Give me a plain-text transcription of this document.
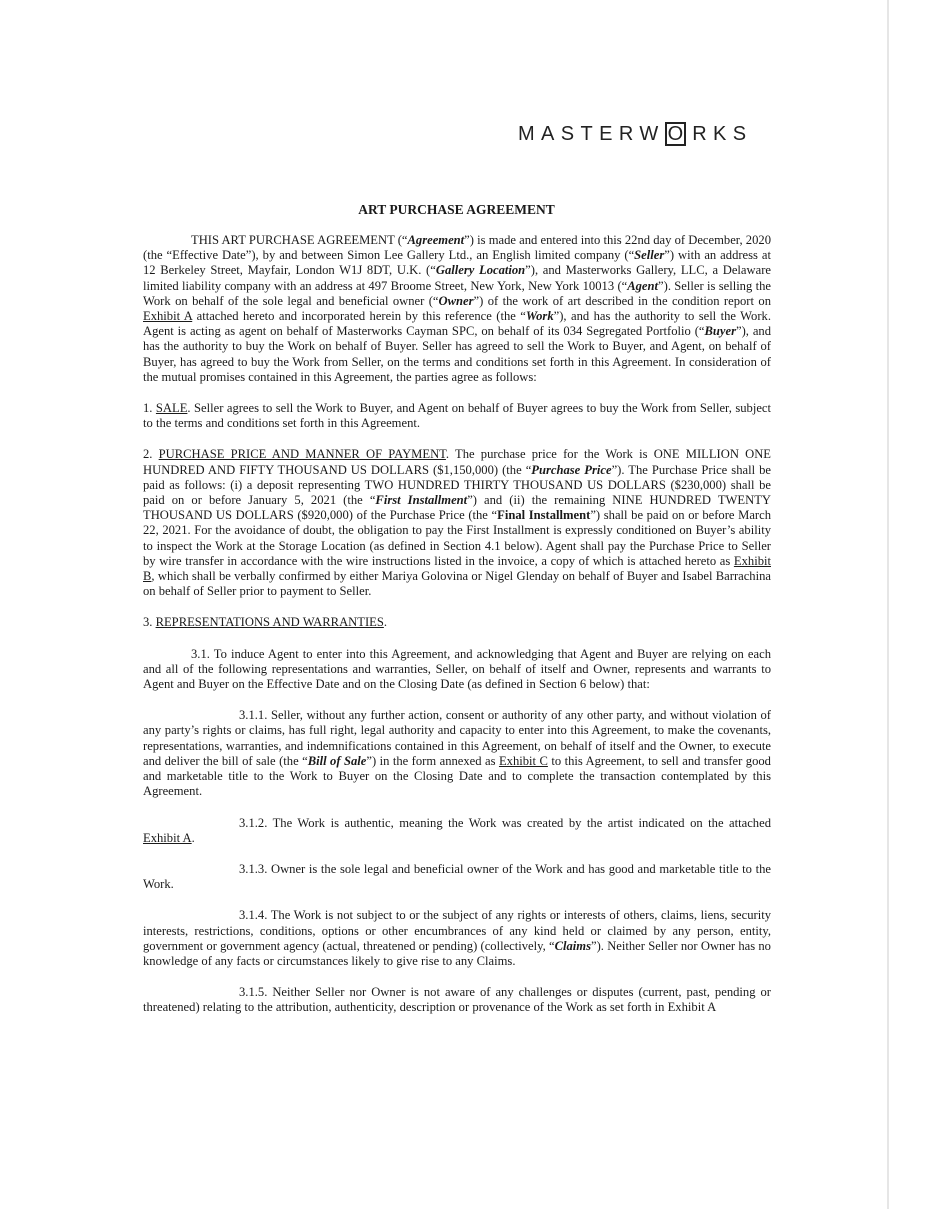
MASTERW O RKS
ART PURCHASE AGREEMENT

THIS ART PURCHASE AGREEMENT (“Agreement”) is made and entered into this 22nd day of December, 2020 (the “Effective Date”), by and between Simon Lee Gallery Ltd., an English limited company (“Seller”) with an address at 12 Berkeley Street, Mayfair, London W1J 8DT, U.K. (“Gallery Location”), and Masterworks Gallery, LLC, a Delaware limited liability company with an address at 497 Broome Street, New York, New York 10013 (“Agent”). Seller is selling the Work on behalf of the sole legal and beneficial owner (“Owner”) of the work of art described in the condition report on Exhibit A attached hereto and incorporated herein by this reference (the “Work”), and has the authority to sell the Work. Agent is acting as agent on behalf of Masterworks Cayman SPC, on behalf of its 034 Segregated Portfolio (“Buyer”), and has the authority to buy the Work on behalf of Buyer. Seller has agreed to sell the Work to Buyer, and Agent, on behalf of Buyer, has agreed to buy the Work from Seller, on the terms and conditions set forth in this Agreement. In consideration of the mutual promises contained in this Agreement, the parties agree as follows:

1. SALE. Seller agrees to sell the Work to Buyer, and Agent on behalf of Buyer agrees to buy the Work from Seller, subject to the terms and conditions set forth in this Agreement.

2. PURCHASE PRICE AND MANNER OF PAYMENT. The purchase price for the Work is ONE MILLION ONE HUNDRED AND FIFTY THOUSAND US DOLLARS ($1,150,000) (the “Purchase Price”). The Purchase Price shall be paid as follows: (i) a deposit representing TWO HUNDRED THIRTY THOUSAND US DOLLARS ($230,000) shall be paid on or before January 5, 2021 (the “First Installment”) and (ii) the remaining NINE HUNDRED TWENTY THOUSAND US DOLLARS ($920,000) of the Purchase Price (the “Final Installment”) shall be paid on or before March 22, 2021. For the avoidance of doubt, the obligation to pay the First Installment is expressly conditioned on Buyer’s ability to inspect the Work at the Storage Location (as defined in Section 4.1 below). Agent shall pay the Purchase Price to Seller by wire transfer in accordance with the wire instructions listed in the invoice, a copy of which is attached hereto as Exhibit B, which shall be verbally confirmed by either Mariya Golovina or Nigel Glenday on behalf of Buyer and Isabel Barrachina on behalf of Seller prior to payment to Seller.

3. REPRESENTATIONS AND WARRANTIES.

3.1. To induce Agent to enter into this Agreement, and acknowledging that Agent and Buyer are relying on each and all of the following representations and warranties, Seller, on behalf of itself and Owner, represents and warrants to Agent and Buyer on the Effective Date and on the Closing Date (as defined in Section 6 below) that:

3.1.1. Seller, without any further action, consent or authority of any other party, and without violation of any party’s rights or claims, has full right, legal authority and capacity to enter into this Agreement, to make the covenants, representations, warranties, and indemnifications contained in this Agreement, on behalf of itself and the Owner, to execute and deliver the bill of sale (the “Bill of Sale”) in the form annexed as Exhibit C to this Agreement, to sell and transfer good and marketable title to the Work to Buyer on the Closing Date and to complete the transaction contemplated by this Agreement.

3.1.2. The Work is authentic, meaning the Work was created by the artist indicated on the attached Exhibit A.

3.1.3. Owner is the sole legal and beneficial owner of the Work and has good and marketable title to the Work.

3.1.4. The Work is not subject to or the subject of any rights or interests of others, claims, liens, security interests, restrictions, conditions, options or other encumbrances of any kind held or claimed by any person, entity, government or government agency (actual, threatened or pending) (collectively, “Claims”). Neither Seller nor Owner has no knowledge of any facts or circumstances likely to give rise to any Claims.

3.1.5. Neither Seller nor Owner is not aware of any challenges or disputes (current, past, pending or threatened) relating to the attribution, authenticity, description or provenance of the Work as set forth in Exhibit A
